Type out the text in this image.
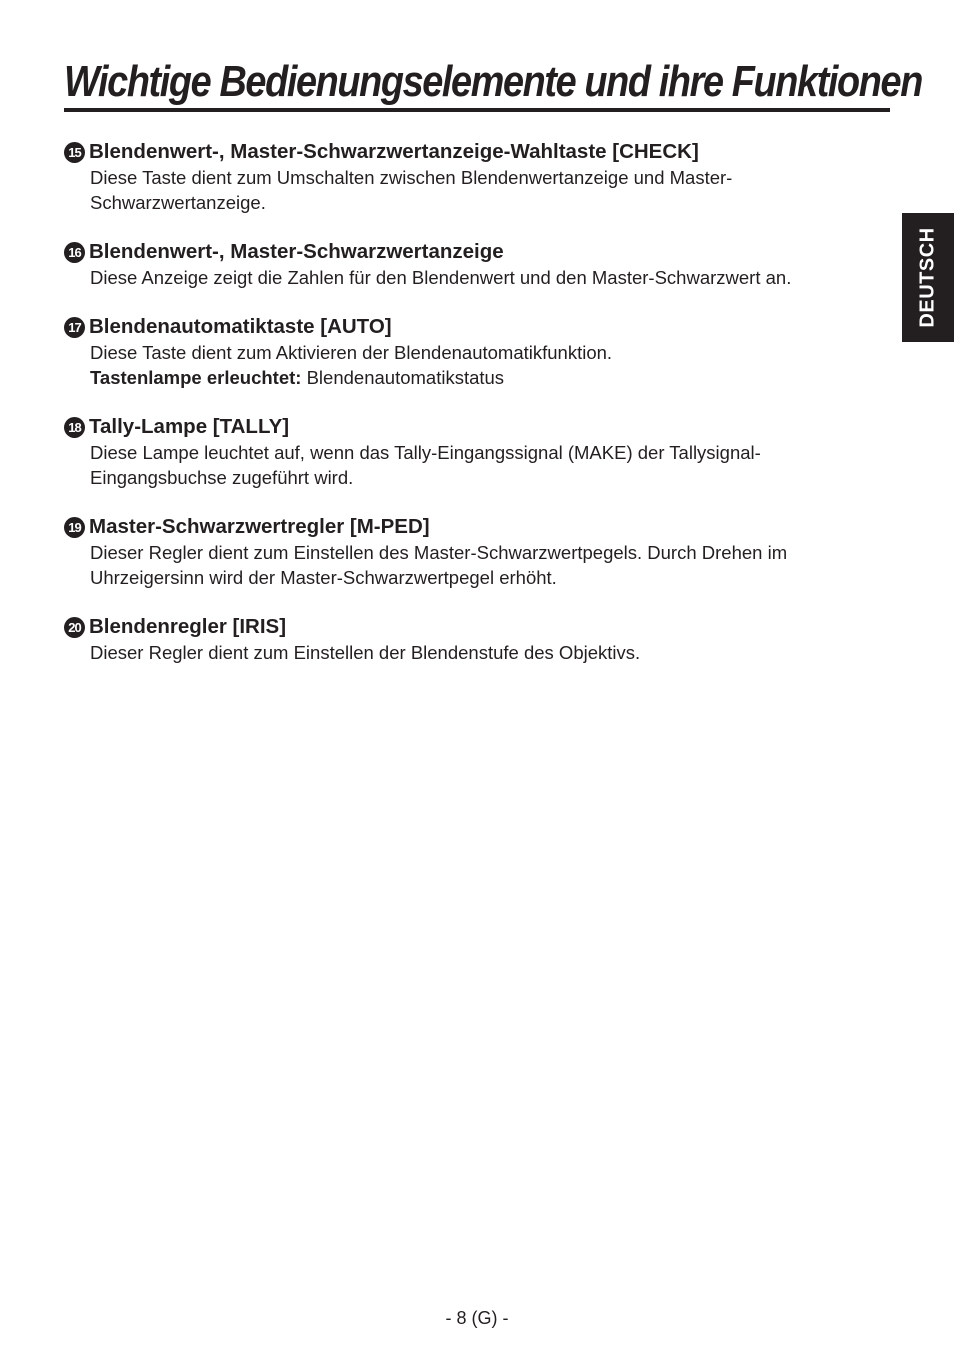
Wichtige Bedienungselemente und ihre Funktionen
DEUTSCH
15 Blendenwert-, Master-Schwarzwertanzeige-Wahltaste [CHECK]

Diese Taste dient zum Umschalten zwischen Blendenwertanzeige und Master-

Schwarzwertanzeige.

16 Blendenwert-, Master-Schwarzwertanzeige

Diese Anzeige zeigt die Zahlen für den Blendenwert und den Master-Schwarzwert an.

17 Blendenautomatiktaste [AUTO]

Diese Taste dient zum Aktivieren der Blendenautomatikfunktion.

Tastenlampe erleuchtet: Blendenautomatikstatus

18 Tally-Lampe [TALLY]

Diese Lampe leuchtet auf, wenn das Tally-Eingangssignal (MAKE) der Tallysignal-

Eingangsbuchse zugeführt wird.

19 Master-Schwarzwertregler [M-PED]

Dieser Regler dient zum Einstellen des Master-Schwarzwertpegels. Durch Drehen im

Uhrzeigersinn wird der Master-Schwarzwertpegel erhöht.

20 Blendenregler [IRIS]

Dieser Regler dient zum Einstellen der Blendenstufe des Objektivs.

- 8 (G) -
